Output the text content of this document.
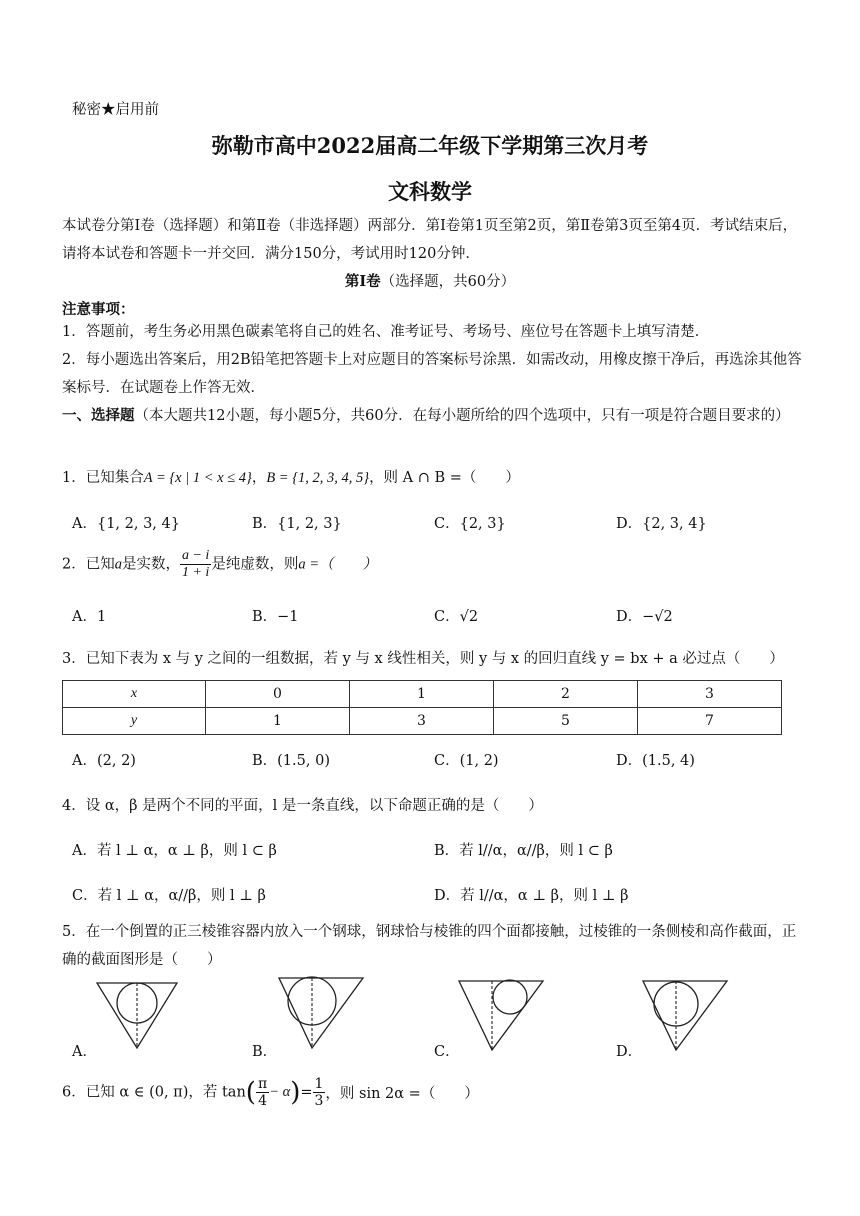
秘密★启用前
弥勒市高中2022届高二年级下学期第三次月考
文科数学
本试卷分第Ⅰ卷（选择题）和第Ⅱ卷（非选择题）两部分．第Ⅰ卷第1页至第2页，第Ⅱ卷第3页至第4页．考试结束后，请将本试卷和答题卡一并交回．满分150分，考试用时120分钟．
第Ⅰ卷（选择题，共60分）
注意事项：
1．答题前，考生务必用黑色碳素笔将自己的姓名、准考证号、考场号、座位号在答题卡上填写清楚．
2．每小题选出答案后，用2B铅笔把答题卡上对应题目的答案标号涂黑．如需改动，用橡皮擦干净后，再选涂其他答案标号．在试题卷上作答无效．
一、选择题（本大题共12小题，每小题5分，共60分．在每小题所给的四个选项中，只有一项是符合题目要求的）
1．已知集合A = {x | 1 < x ≤ 4}，B = {1, 2, 3, 4, 5}，则 A ∩ B =（　　）
A．{1, 2, 3, 4}	B．{1, 2, 3}	C．{2, 3}	D．{2, 3, 4}
2．已知a是实数， $\frac{a - i}{1 + i}$ 是纯虚数，则a =（　　）
A．1	B．−1	C．√2	D．−√2
3．已知下表为 x 与 y 之间的一组数据，若 y 与 x 线性相关，则 y 与 x 的回归直线 y = bx + a 必过点（　　）
x	0	1	2	3
y	1	3	5	7
A．(2, 2)	B．(1.5, 0)	C．(1, 2)	D．(1.5, 4)
4．设 α，β 是两个不同的平面，l 是一条直线，以下命题正确的是（　　）
A．若 l ⊥ α，α ⊥ β，则 l ⊂ β	B．若 l//α，α//β，则 l ⊂ β
C．若 l ⊥ α，α//β，则 l ⊥ β	D．若 l//α，α ⊥ β，则 l ⊥ β
5．在一个倒置的正三棱锥容器内放入一个钢球，钢球恰与棱锥的四个面都接触，过棱锥的一条侧棱和高作截面，正确的截面图形是（　　）
A．	B．	C．	D．
6．已知 α ∈ (0, π)，若 $\tan( \frac{\pi}{4} - \alpha)= \frac{1}{3}$ ，则 sin 2α =（　　）
